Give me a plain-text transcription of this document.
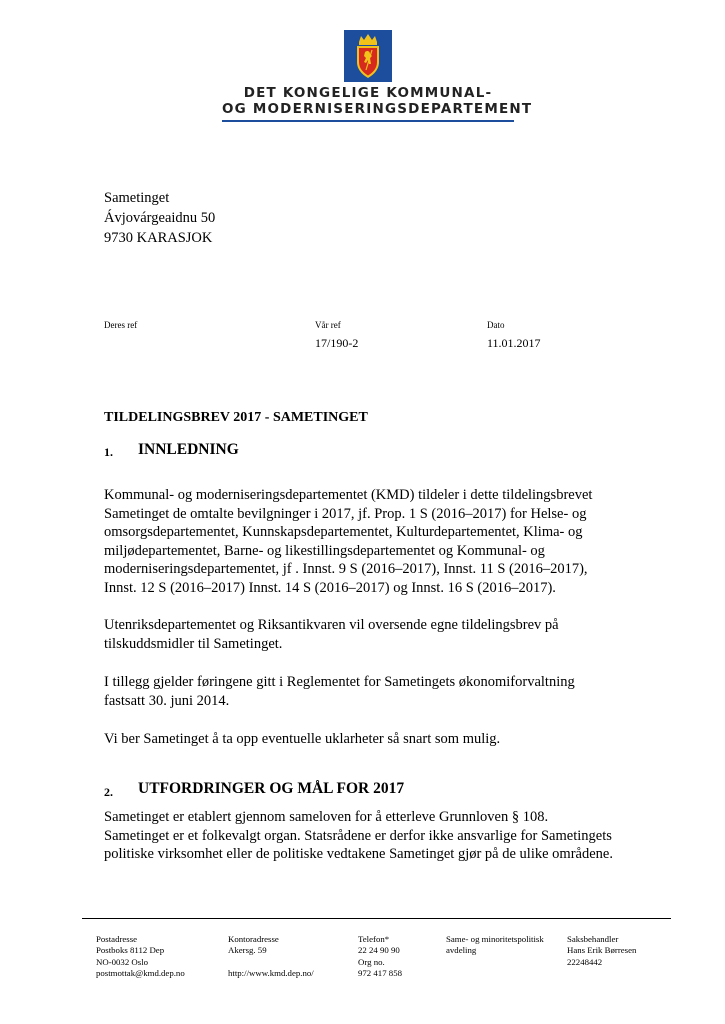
DET KONGELIGE KOMMUNAL-
OG MODERNISERINGSDEPARTEMENT
Sametinget
Ávjovárgeaidnu 50
9730 KARASJOK
Deres ref	Vår ref
17/190-2
Dato
11.01.2017
TILDELINGSBREV 2017 - SAMETINGET
1. INNLEDNING
Kommunal- og moderniseringsdepartementet (KMD) tildeler i dette tildelingsbrevet
Sametinget de omtalte bevilgninger i 2017, jf. Prop. 1 S (2016–2017) for Helse- og
omsorgsdepartementet, Kunnskapsdepartementet, Kulturdepartementet, Klima- og
miljødepartementet, Barne- og likestillingsdepartementet og Kommunal- og
moderniseringsdepartementet, jf . Innst. 9 S (2016–2017), Innst. 11 S (2016–2017),
Innst. 12 S (2016–2017) Innst. 14 S (2016–2017) og Innst. 16 S (2016–2017).
Utenriksdepartementet og Riksantikvaren vil oversende egne tildelingsbrev på
tilskuddsmidler til Sametinget.
I tillegg gjelder føringene gitt i Reglementet for Sametingets økonomiforvaltning
fastsatt 30. juni 2014.
Vi ber Sametinget å ta opp eventuelle uklarheter så snart som mulig.
2. UTFORDRINGER OG MÅL FOR 2017
Sametinget er etablert gjennom sameloven for å etterleve Grunnloven § 108.
Sametinget er et folkevalgt organ. Statsrådene er derfor ikke ansvarlige for Sametingets
politiske virksomhet eller de politiske vedtakene Sametinget gjør på de ulike områdene.
Postadresse
Postboks 8112 Dep
NO-0032 Oslo
postmottak@kmd.dep.no
Kontoradresse
Akersg. 59
http://www.kmd.dep.no/
Telefon*
22 24 90 90
Org no.
972 417 858
Same- og minoritetspolitisk
avdeling
Saksbehandler
Hans Erik Børresen
22248442
